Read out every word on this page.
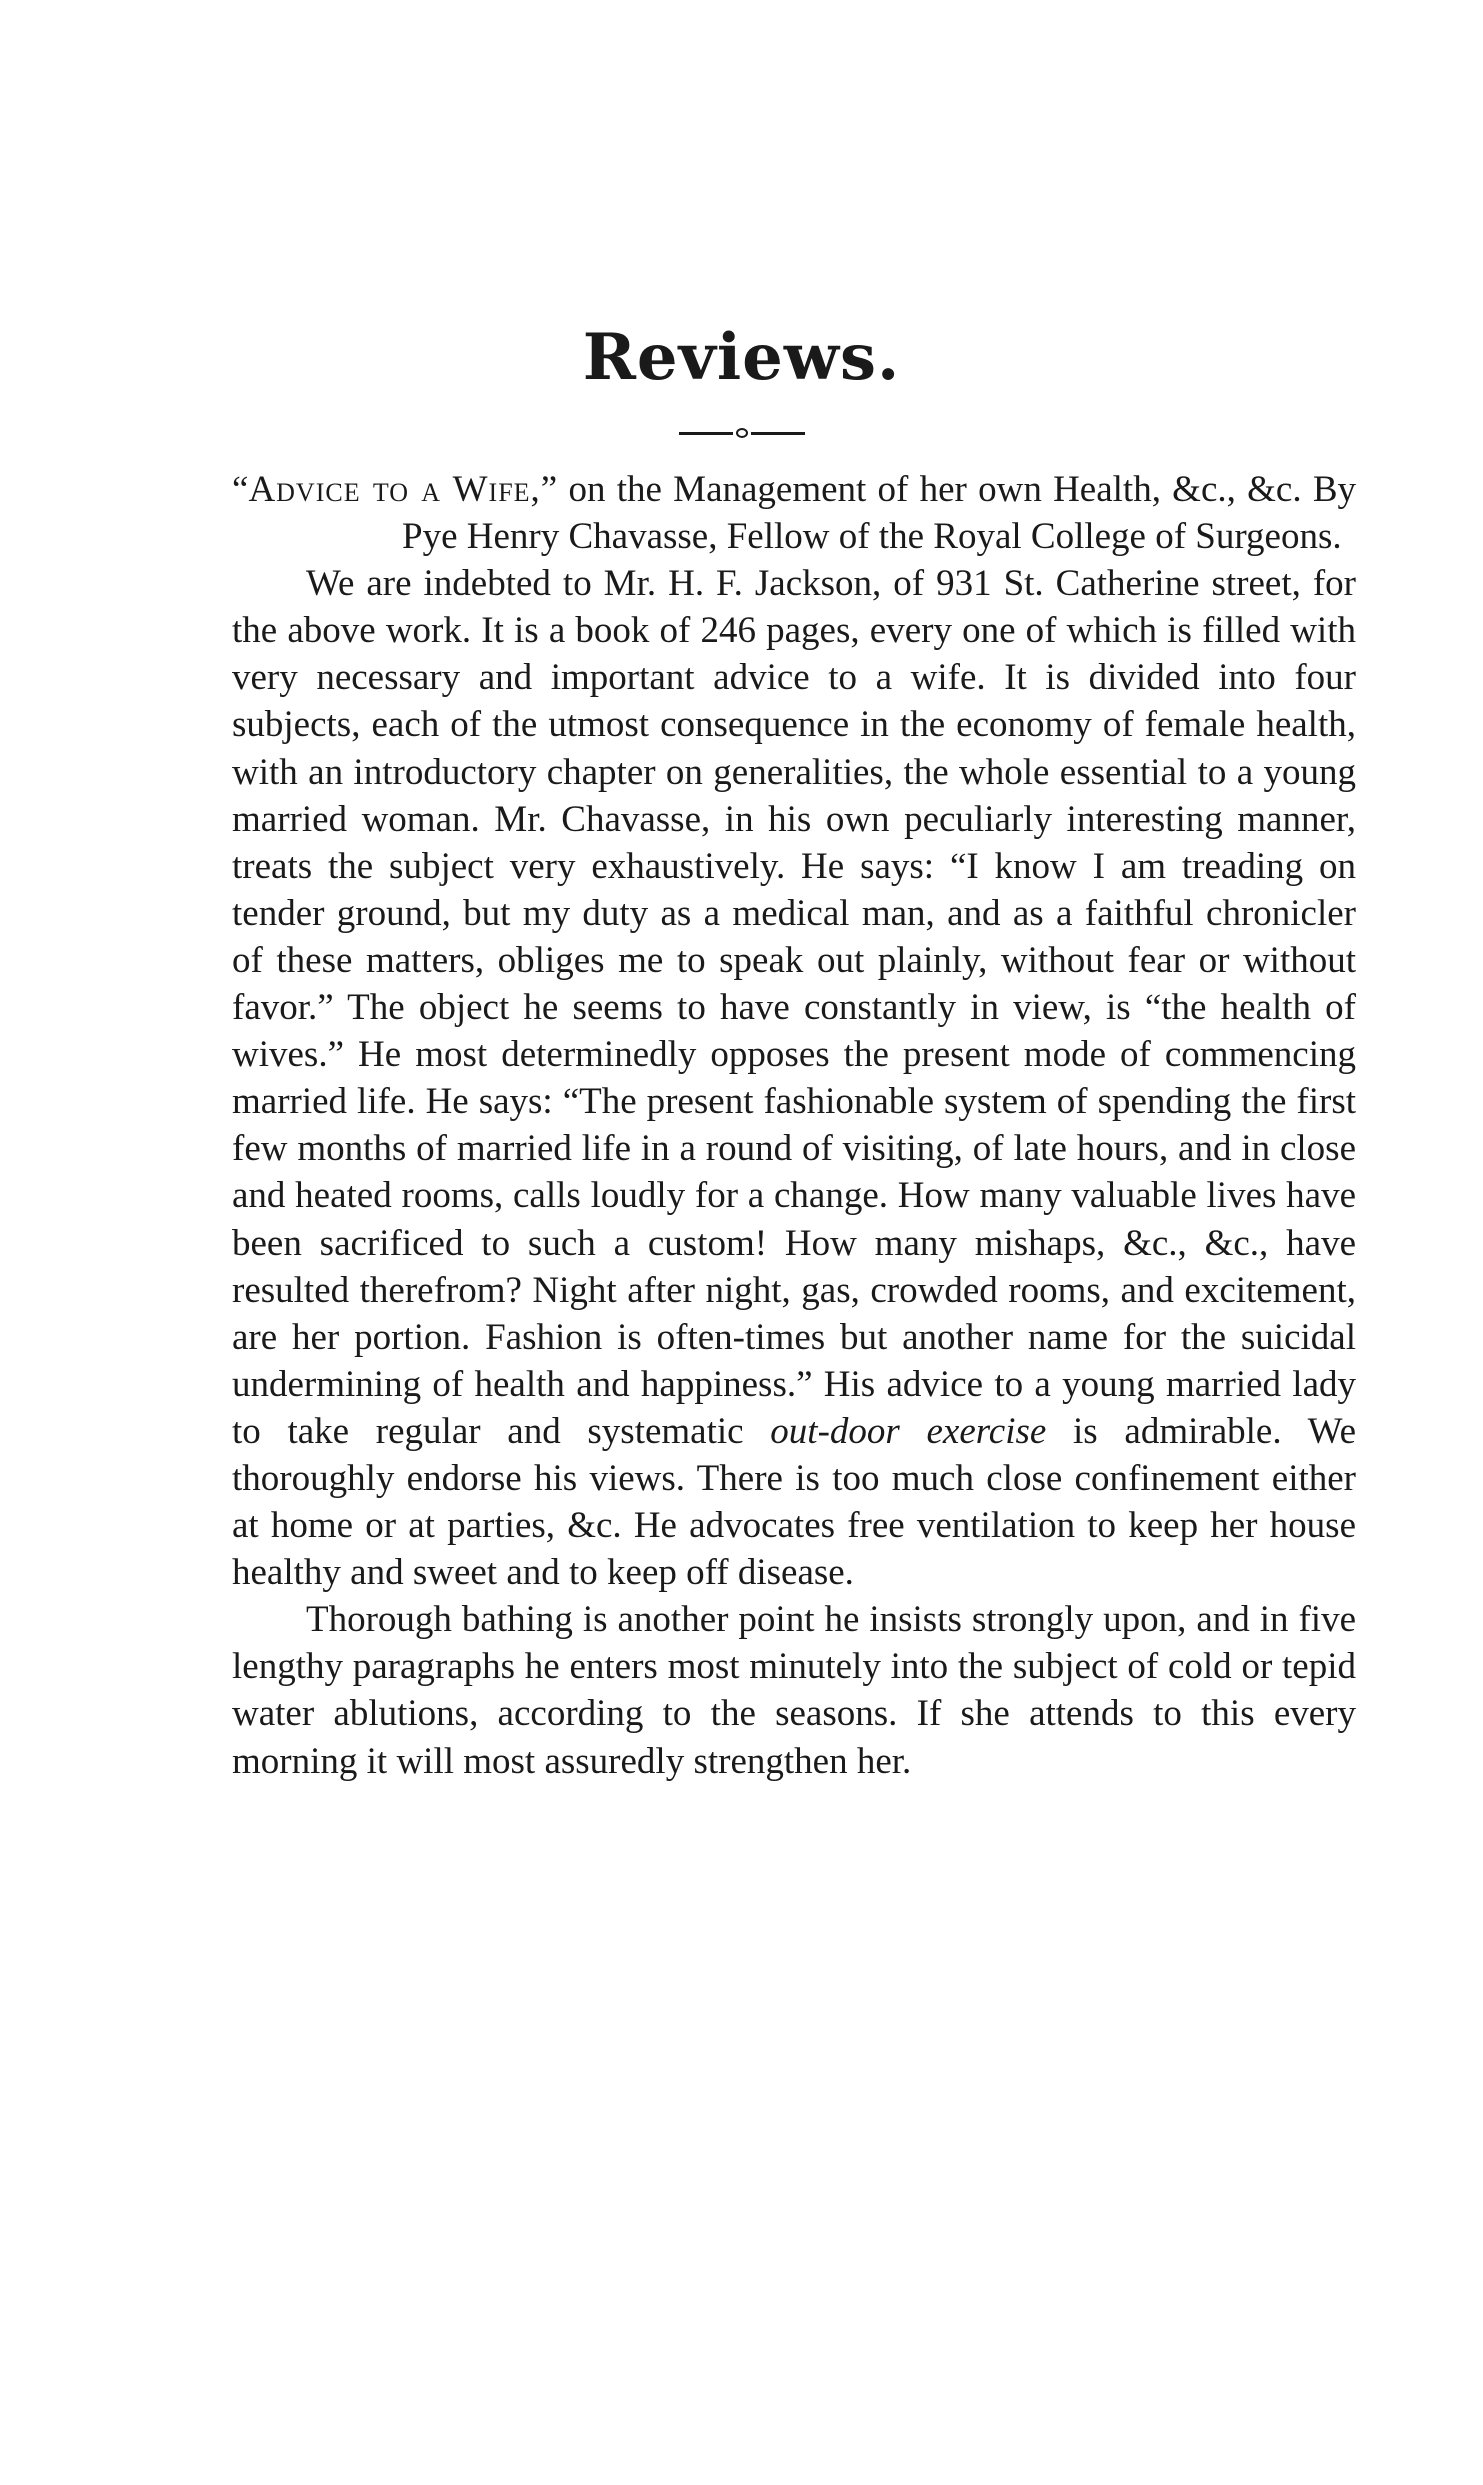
Reviews.

“Advice to a Wife,” on the Management of her own Health, &c., &c. By Pye Henry Chavasse, Fellow of the Royal College of Surgeons.

We are indebted to Mr. H. F. Jackson, of 931 St. Catherine street, for the above work. It is a book of 246 pages, every one of which is filled with very necessary and important advice to a wife. It is divided into four subjects, each of the utmost consequence in the economy of female health, with an introductory chapter on generalities, the whole essential to a young married woman. Mr. Chavasse, in his own peculiarly interesting manner, treats the subject very exhaustively. He says: “I know I am treading on tender ground, but my duty as a medical man, and as a faithful chronicler of these matters, obliges me to speak out plainly, without fear or without favor.” The object he seems to have constantly in view, is “the health of wives.” He most determinedly opposes the present mode of commencing married life. He says: “The present fashionable system of spending the first few months of married life in a round of visiting, of late hours, and in close and heated rooms, calls loudly for a change. How many valuable lives have been sacrificed to such a custom! How many mishaps, &c., &c., have resulted therefrom? Night after night, gas, crowded rooms, and excitement, are her portion. Fashion is often-times but another name for the suicidal undermining of health and happiness.” His advice to a young married lady to take regular and systematic out-door exercise is admirable. We thoroughly endorse his views. There is too much close confinement either at home or at parties, &c. He advocates free ventilation to keep her house healthy and sweet and to keep off disease.

Thorough bathing is another point he insists strongly upon, and in five lengthy paragraphs he enters most minutely into the subject of cold or tepid water ablutions, according to the seasons. If she attends to this every morning it will most assuredly strengthen her.
